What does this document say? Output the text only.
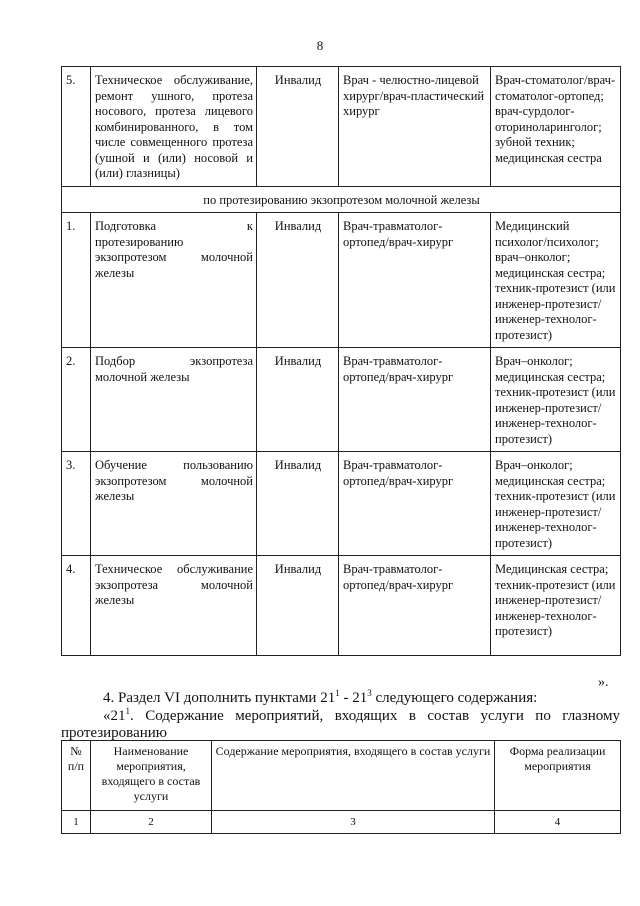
8
5.	Техническое обслуживание, ремонт ушного, протеза носового, протеза лицевого комбинированного, в том числе совмещенного протеза (ушной и (или) носовой и (или) глазницы)	Инвалид	Врач - челюстно-лицевой хирург/врач-пластический хирург	Врач-стоматолог/врач-стоматолог-ортопед; врач-сурдолог-оториноларинголог; зубной техник; медицинская сестра
по протезированию экзопротезом молочной железы				
1.	Подготовка к протезированию экзопротезом молочной железы	Инвалид	Врач-травматолог-ортопед/врач-хирург	Медицинский психолог/психолог; врач–онколог; медицинская сестра; техник-протезист (или инженер-протезист/инженер-технолог-протезист)
2.	Подбор экзопротеза молочной железы	Инвалид	Врач-травматолог-ортопед/врач-хирург	Врач–онколог; медицинская сестра; техник-протезист (или инженер-протезист/инженер-технолог-протезист)
3.	Обучение пользованию экзопротезом молочной железы	Инвалид	Врач-травматолог-ортопед/врач-хирург	Врач–онколог; медицинская сестра; техник-протезист (или инженер-протезист/инженер-технолог-протезист)
4.	Техническое обслуживание экзопротеза молочной железы	Инвалид	Врач-травматолог-ортопед/врач-хирург	Медицинская сестра; техник-протезист (или инженер-протезист/инженер-технолог-протезист)
».
4. Раздел VI дополнить пунктами $21^1 - 21^3$ следующего содержания:
«$21^1$. Содержание мероприятий, входящих в состав услуги по глазному протезированию
№ п/п	Наименование мероприятия, входящего в состав услуги	Содержание мероприятия, входящего в состав услуги	Форма реализации мероприятия
1	2	3	4
